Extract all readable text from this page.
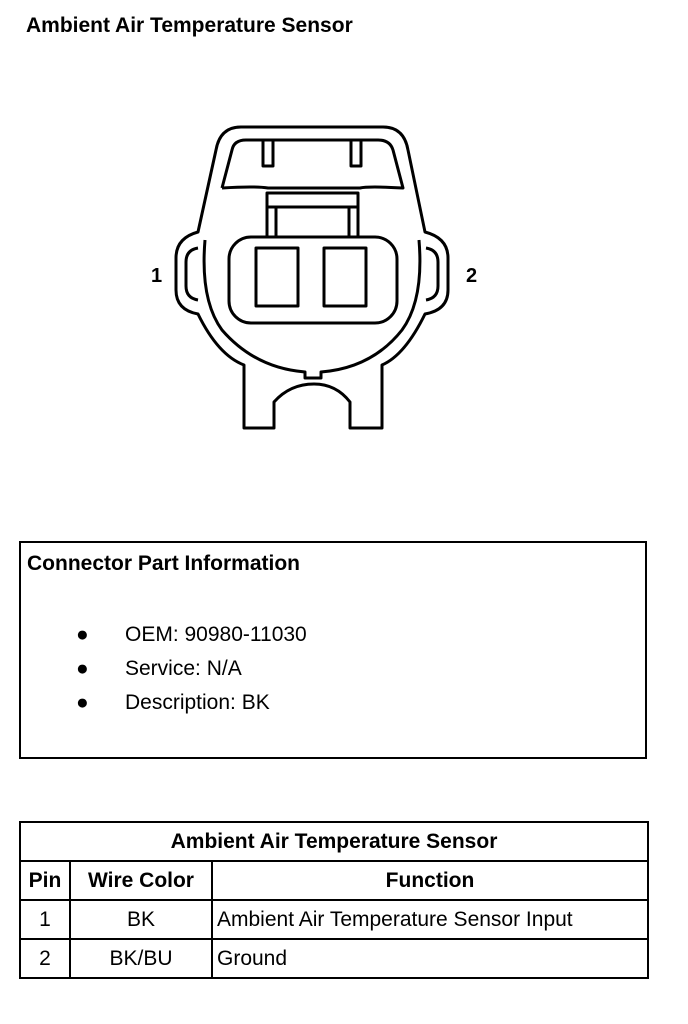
Ambient Air Temperature Sensor
1	2
Connector Part Information
● OEM: 90980-11030
● Service: N/A
● Description: BK
Ambient Air Temperature Sensor		
Pin	Wire Color	Function
1	BK	Ambient Air Temperature Sensor Input
2	BK/BU	Ground
